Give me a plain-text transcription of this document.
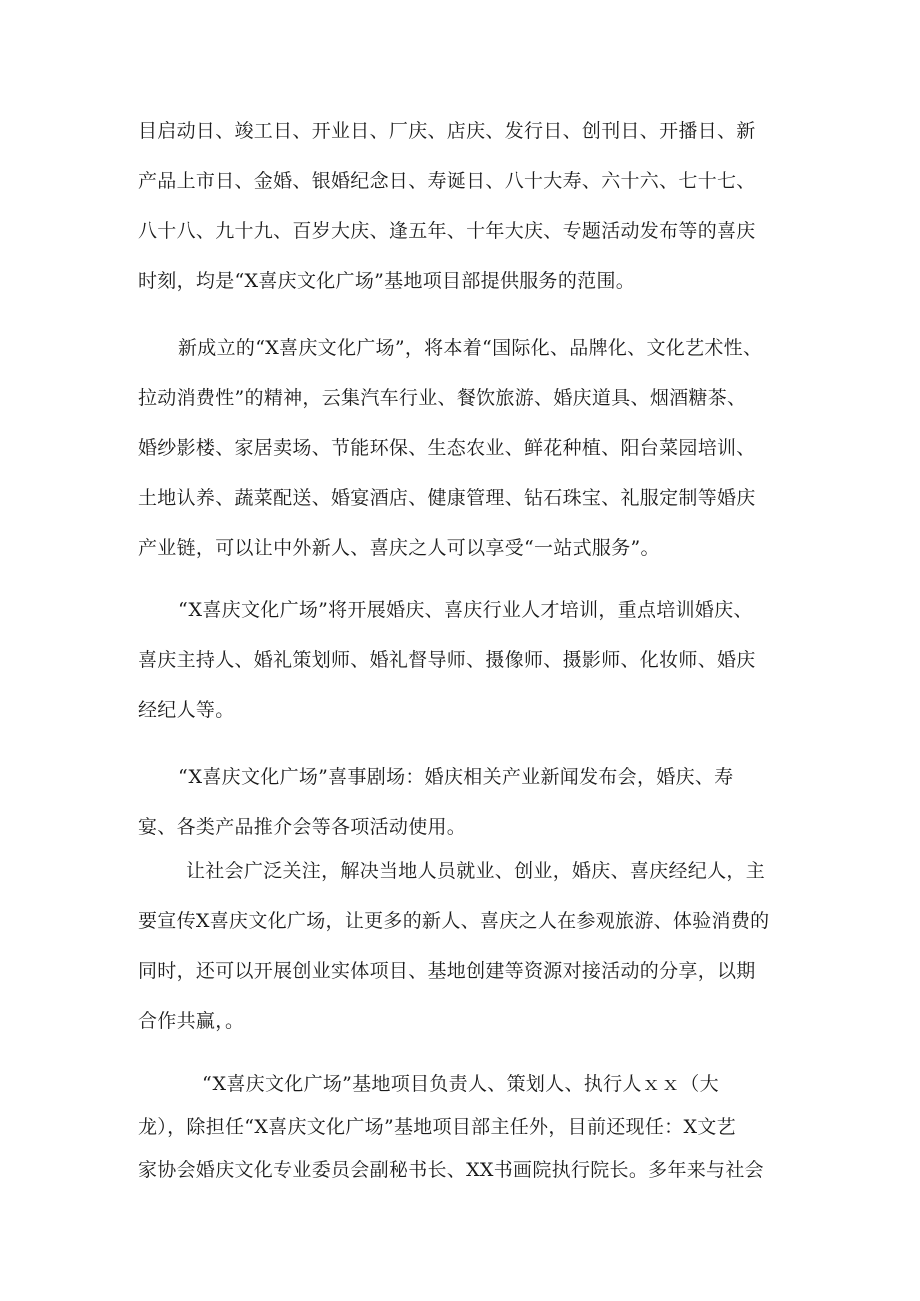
目启动日、竣工日、开业日、厂庆、店庆、发行日、创刊日、开播日、新
产品上市日、金婚、银婚纪念日、寿诞日、八十大寿、六十六、七十七、
八十八、九十九、百岁大庆、逢五年、十年大庆、专题活动发布等的喜庆
时刻，均是“X喜庆文化广场”基地项目部提供服务的范围。
新成立的“X喜庆文化广场”，将本着“国际化、品牌化、文化艺术性、
拉动消费性”的精神，云集汽车行业、餐饮旅游、婚庆道具、烟酒糖茶、
婚纱影楼、家居卖场、节能环保、生态农业、鲜花种植、阳台菜园培训、
土地认养、蔬菜配送、婚宴酒店、健康管理、钻石珠宝、礼服定制等婚庆
产业链，可以让中外新人、喜庆之人可以享受“一站式服务”。
“X喜庆文化广场”将开展婚庆、喜庆行业人才培训，重点培训婚庆、
喜庆主持人、婚礼策划师、婚礼督导师、摄像师、摄影师、化妆师、婚庆
经纪人等。
“X喜庆文化广场”喜事剧场：婚庆相关产业新闻发布会，婚庆、寿
宴、各类产品推介会等各项活动使用。
让社会广泛关注，解决当地人员就业、创业，婚庆、喜庆经纪人，主
要宣传X喜庆文化广场，让更多的新人、喜庆之人在参观旅游、体验消费的
同时，还可以开展创业实体项目、基地创建等资源对接活动的分享，以期
合作共赢，。
“X喜庆文化广场”基地项目负责人、策划人、执行人ｘｘ（大
龙），除担任“X喜庆文化广场”基地项目部主任外，目前还现任：X文艺
家协会婚庆文化专业委员会副秘书长、XX书画院执行院长。多年来与社会
